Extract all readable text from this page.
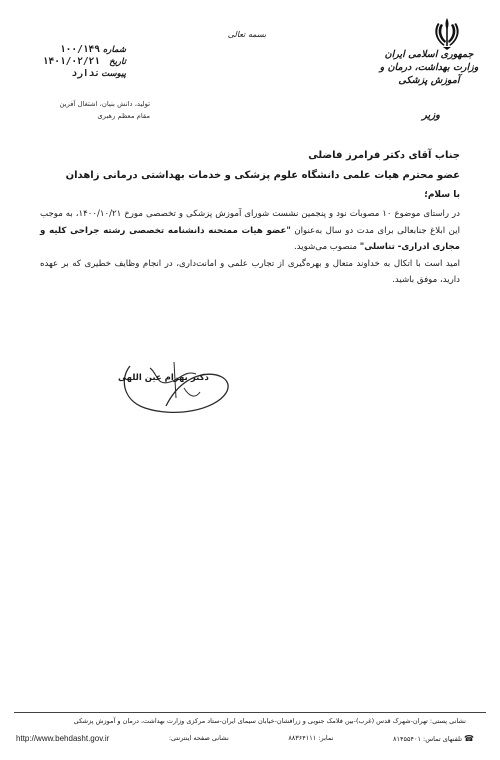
جمهوری اسلامی ایران
وزارت بهداشت، درمان و آموزش پزشکی
وزیر
بسمه تعالی
شماره
۱۰۰/۱۴۹
تاریخ
۱۴۰۱/۰۲/۲۱
پیوست
ندارد
تولید، دانش بنیان، اشتغال آفرین
مقام معظم رهبری
جناب آقای دکتر فرامرز فاضلی
عضو محترم هیات علمی دانشگاه علوم پزشکی و خدمات بهداشتی درمانی زاهدان
با سلام؛

در راستای موضوع ۱۰ مصوبات نود و پنجمین نشست شورای آموزش پزشکی و تخصصی مورخ ۱۴۰۰/۱۰/۲۱، به موجب این ابلاغ جنابعالی برای مدت دو سال به‌عنوان "عضو هیات ممتحنه دانشنامه تخصصی رشته جراحی کلیه و مجاری ادراری- تناسلی" منصوب می‌شوید.

امید است با اتکال به خداوند متعال و بهره‌گیری از تجارب علمی و امانت‌داری، در انجام وظایف خطیری که بر عهده دارید، موفق باشید.

دکتر بهرام عین اللهی
نشانی پستی: تهران-شهرک قدس (غرب)-بین فلامک جنوبی و زرافشان-خیابان سیمای ایران-ستاد مرکزی وزارت بهداشت، درمان و آموزش پزشکی
☎تلفنهای تماس: ۸۱۴۵۵۴۰۱
نمابر: ۸۸۳۶۴۱۱۱
نشانی صفحه اینترنتی:
http://www.behdasht.gov.ir
